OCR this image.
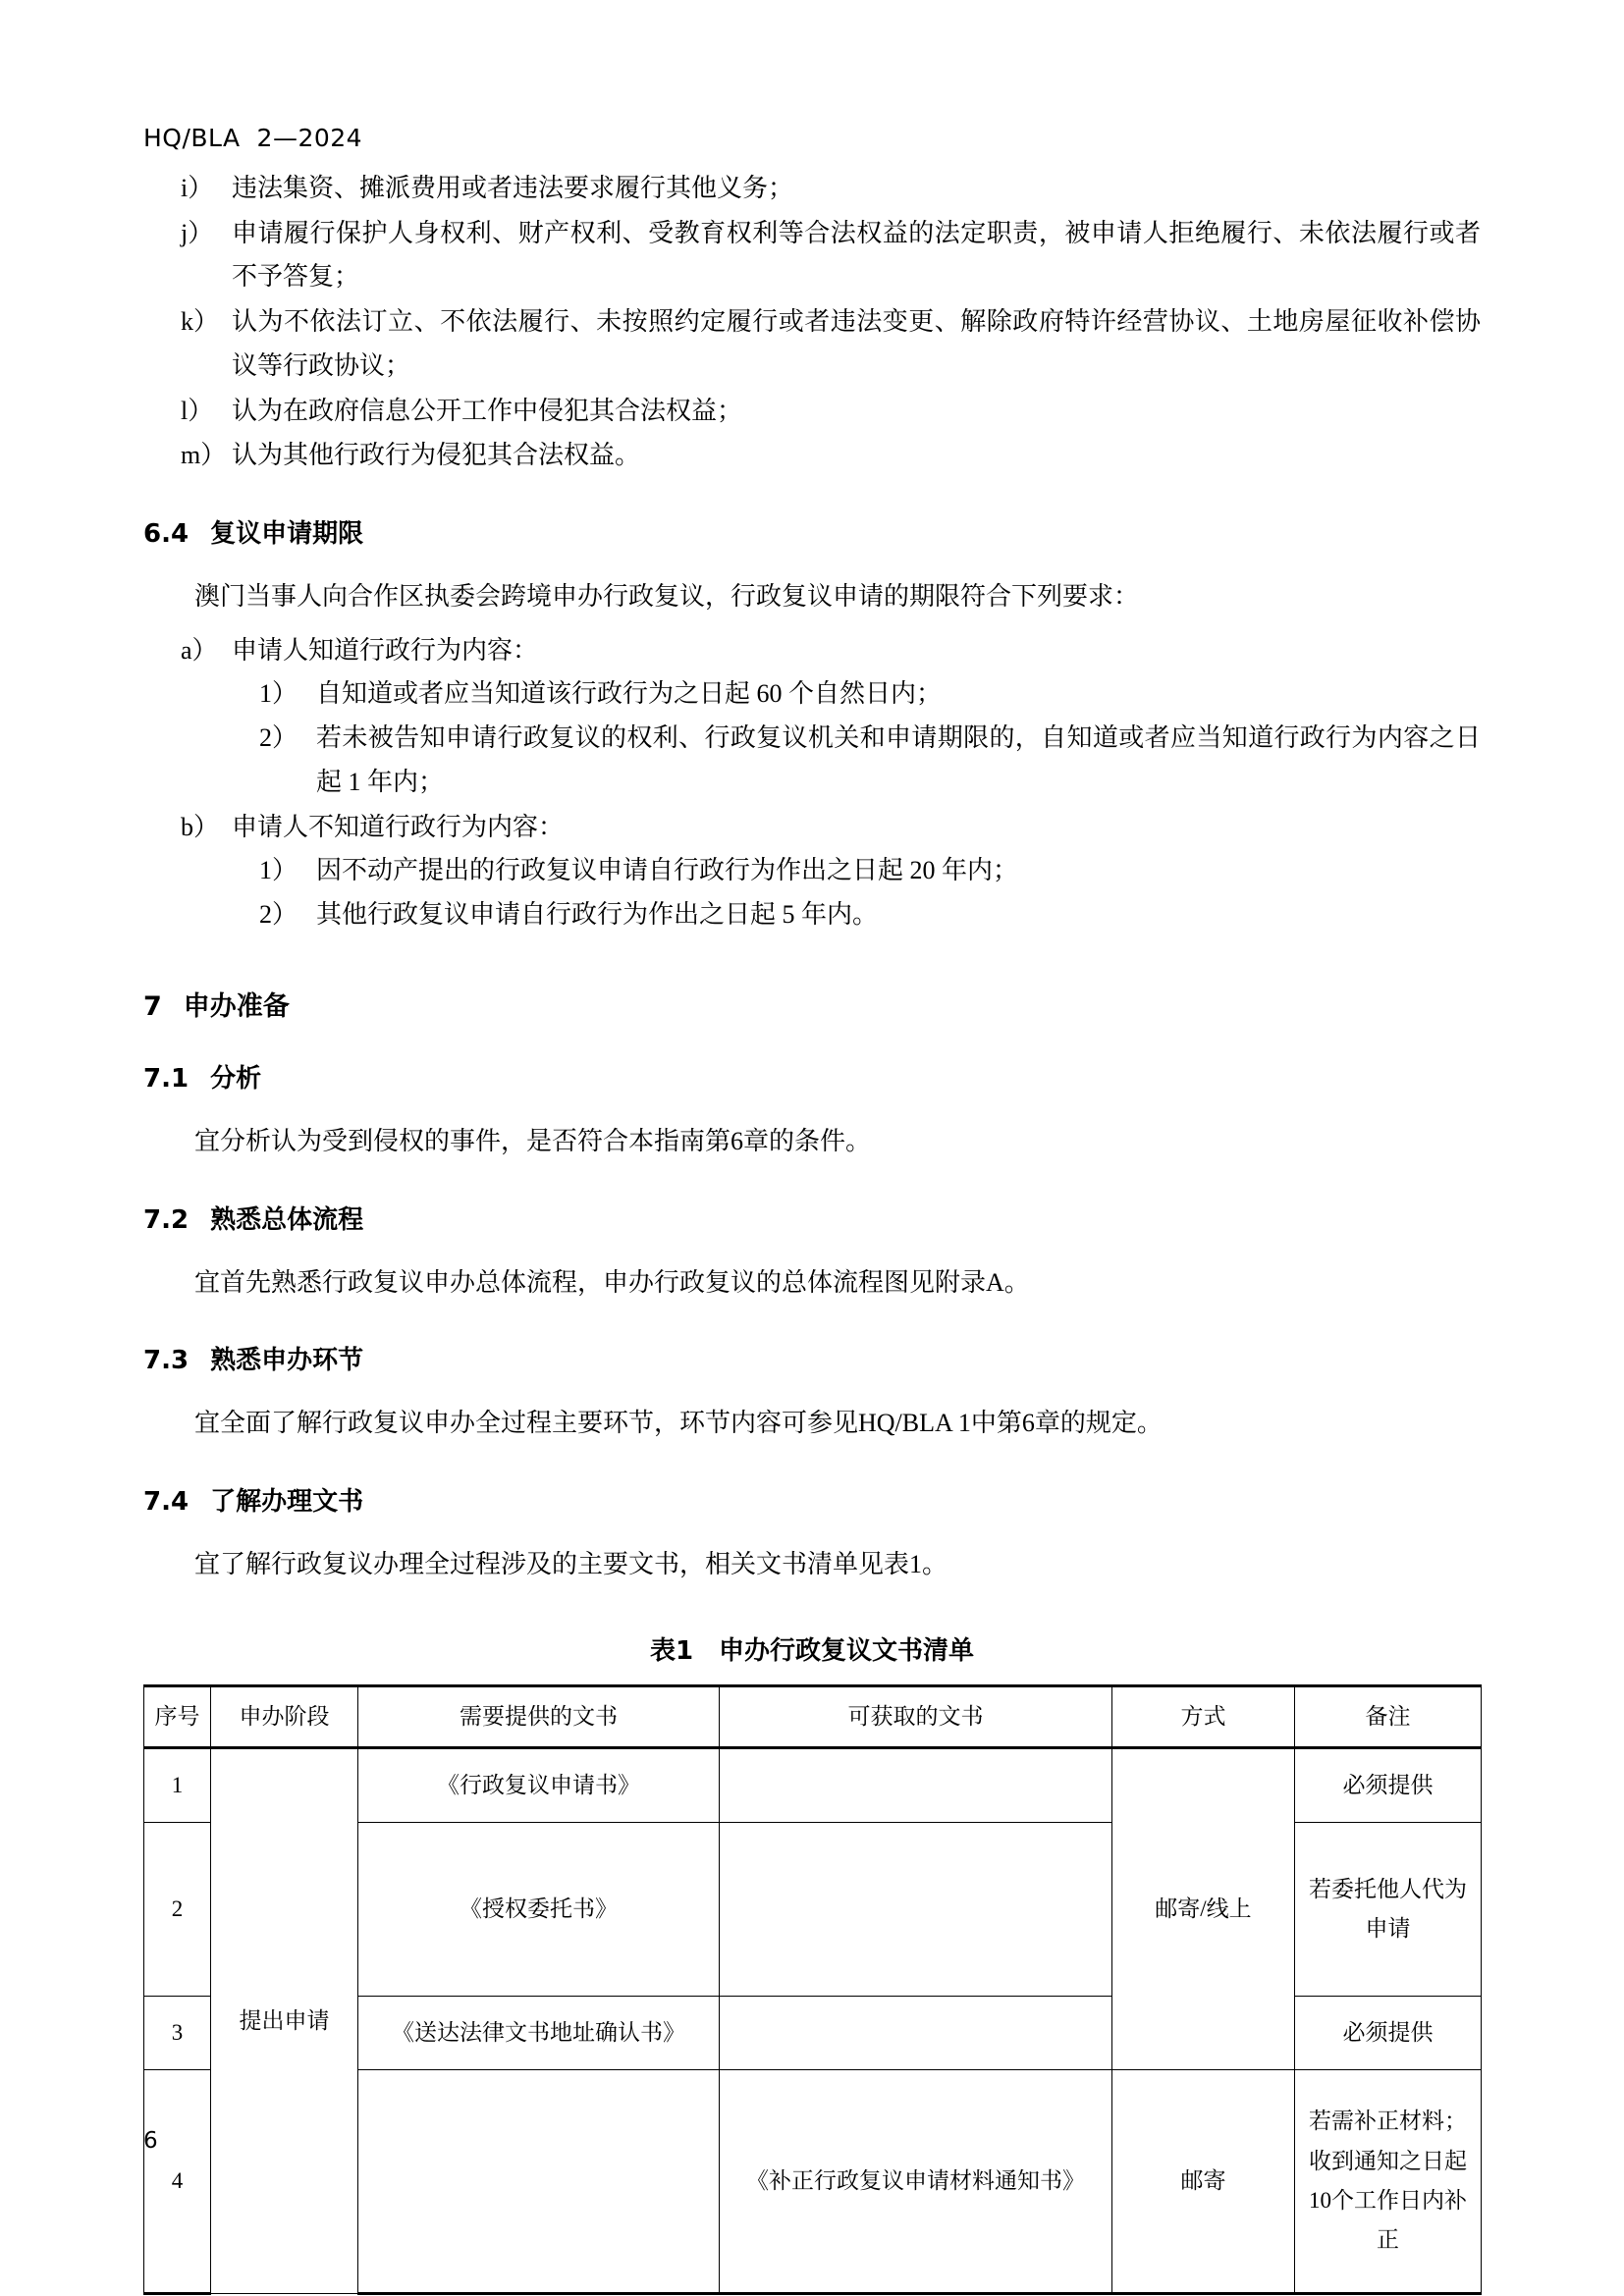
HQ/BLA  2—2024
i） 违法集资、摊派费用或者违法要求履行其他义务；
j） 申请履行保护人身权利、财产权利、受教育权利等合法权益的法定职责，被申请人拒绝履行、未依法履行或者不予答复；
k） 认为不依法订立、不依法履行、未按照约定履行或者违法变更、解除政府特许经营协议、土地房屋征收补偿协议等行政协议；
l） 认为在政府信息公开工作中侵犯其合法权益；
m） 认为其他行政行为侵犯其合法权益。
6.4 复议申请期限

澳门当事人向合作区执委会跨境申办行政复议，行政复议申请的期限符合下列要求：

a） 申请人知道行政行为内容：
1） 自知道或者应当知道该行政行为之日起 60 个自然日内；
2） 若未被告知申请行政复议的权利、行政复议机关和申请期限的，自知道或者应当知道行政行为内容之日起 1 年内；
b） 申请人不知道行政行为内容：
1） 因不动产提出的行政复议申请自行政行为作出之日起 20 年内；
2） 其他行政复议申请自行政行为作出之日起 5 年内。
7 申办准备
7.1 分析

宜分析认为受到侵权的事件，是否符合本指南第6章的条件。

7.2 熟悉总体流程

宜首先熟悉行政复议申办总体流程，申办行政复议的总体流程图见附录A。

7.3 熟悉申办环节

宜全面了解行政复议申办全过程主要环节，环节内容可参见HQ/BLA 1中第6章的规定。

7.4 了解办理文书

宜了解行政复议办理全过程涉及的主要文书，相关文书清单见表1。

表1 申办行政复议文书清单
序号	申办阶段	需要提供的文书	可获取的文书	方式	备注
1	提出申请	《行政复议申请书》		邮寄/线上	必须提供
2		《授权委托书》			若委托他人代为申请
3		《送达法律文书地址确认书》			必须提供
4			《补正行政复议申请材料通知书》	邮寄	若需补正材料；收到通知之日起10个工作日内补正
6
